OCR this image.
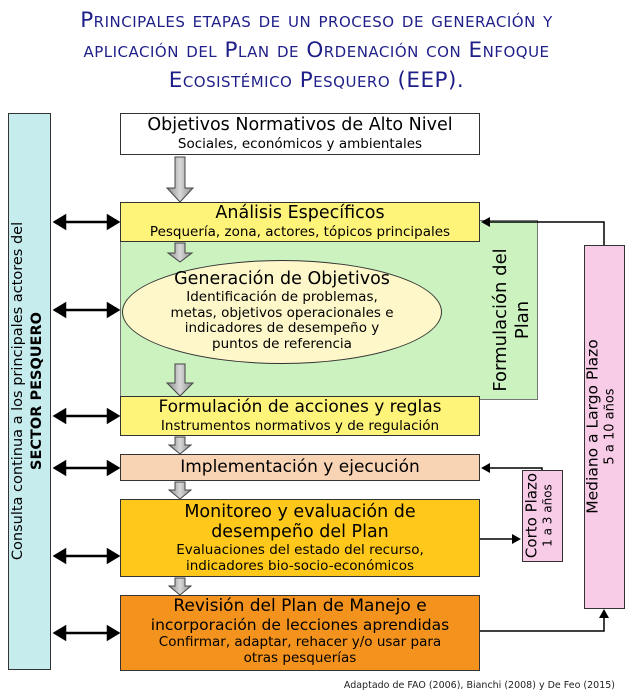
Principales etapas de un proceso de generación y
aplicación del Plan de Ordenación con Enfoque
Ecosistémico Pesquero (EEP).
Consulta continua a los principales actores del SECTOR PESQUERO	Formulación del Plan
Objetivos Normativos de Alto Nivel
Sociales, económicos y ambientales
Análisis Específicos
Pesquería, zona, actores, tópicos principales
Generación de Objetivos
Identificación de problemas,
metas, objetivos operacionales e
indicadores de desempeño y
puntos de referencia
Formulación de acciones y reglas
Instrumentos normativos y de regulación
Implementación y ejecución
Monitoreo y evaluación de
desempeño del Plan
Evaluaciones del estado del recurso,
indicadores bio-socio-económicos
Revisión del Plan de Manejo e
incorporación de lecciones aprendidas
Confirmar, adaptar, rehacer y/o usar para
otras pesquerías
Corto Plazo 1 a 3 años
Mediano a Largo Plazo 5 a 10 años
Adaptado de FAO (2006), Bianchi (2008) y De Feo (2015)
